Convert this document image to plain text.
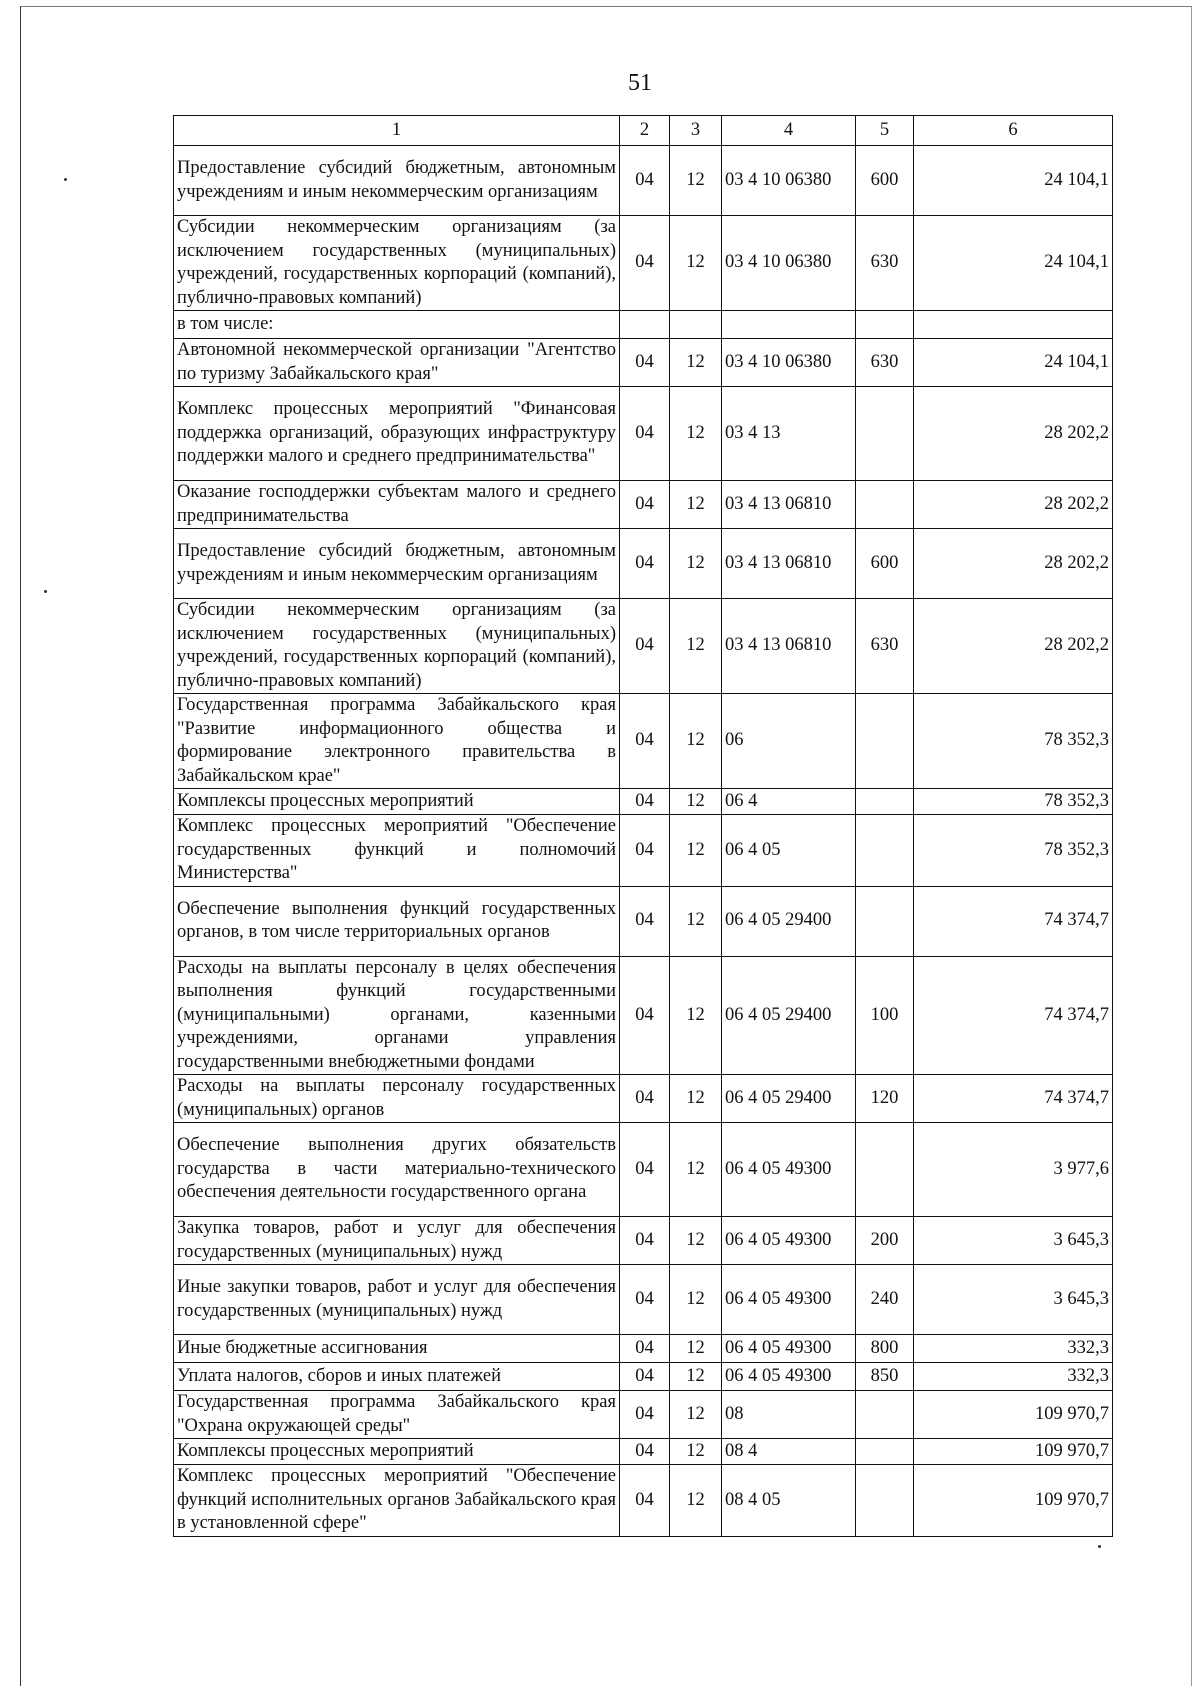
51
1	2	3	4	5	6
Предоставление субсидий бюджетным, автономным учреждениям и иным некоммерческим организациям	04	12	03 4 10 06380	600	24 104,1
Субсидии некоммерческим организациям (за исключением государственных (муниципальных) учреждений, государственных корпораций (компаний), публично-правовых компаний)	04	12	03 4 10 06380	630	24 104,1
в том числе:					
Автономной некоммерческой организации "Агентство по туризму Забайкальского края"	04	12	03 4 10 06380	630	24 104,1
Комплекс процессных мероприятий "Финансовая поддержка организаций, образующих инфраструктуру поддержки малого и среднего предпринимательства"	04	12	03 4 13		28 202,2
Оказание господдержки субъектам малого и среднего предпринимательства	04	12	03 4 13 06810		28 202,2
Предоставление субсидий бюджетным, автономным учреждениям и иным некоммерческим организациям	04	12	03 4 13 06810	600	28 202,2
Субсидии некоммерческим организациям (за исключением государственных (муниципальных) учреждений, государственных корпораций (компаний), публично-правовых компаний)	04	12	03 4 13 06810	630	28 202,2
Государственная программа Забайкальского края "Развитие информационного общества и формирование электронного правительства в Забайкальском крае"	04	12	06		78 352,3
Комплексы процессных мероприятий	04	12	06 4		78 352,3
Комплекс процессных мероприятий "Обеспечение государственных функций и полномочий Министерства"	04	12	06 4 05		78 352,3
Обеспечение выполнения функций государственных органов, в том числе территориальных органов	04	12	06 4 05 29400		74 374,7
Расходы на выплаты персоналу в целях обеспечения выполнения функций государственными (муниципальными) органами, казенными учреждениями, органами управления государственными внебюджетными фондами	04	12	06 4 05 29400	100	74 374,7
Расходы на выплаты персоналу государственных (муниципальных) органов	04	12	06 4 05 29400	120	74 374,7
Обеспечение выполнения других обязательств государства в части материально-технического обеспечения деятельности государственного органа	04	12	06 4 05 49300		3 977,6
Закупка товаров, работ и услуг для обеспечения государственных (муниципальных) нужд	04	12	06 4 05 49300	200	3 645,3
Иные закупки товаров, работ и услуг для обеспечения государственных (муниципальных) нужд	04	12	06 4 05 49300	240	3 645,3
Иные бюджетные ассигнования	04	12	06 4 05 49300	800	332,3
Уплата налогов, сборов и иных платежей	04	12	06 4 05 49300	850	332,3
Государственная программа Забайкальского края "Охрана окружающей среды"	04	12	08		109 970,7
Комплексы процессных мероприятий	04	12	08 4		109 970,7
Комплекс процессных мероприятий "Обеспечение функций исполнительных органов Забайкальского края в установленной сфере"	04	12	08 4 05		109 970,7
